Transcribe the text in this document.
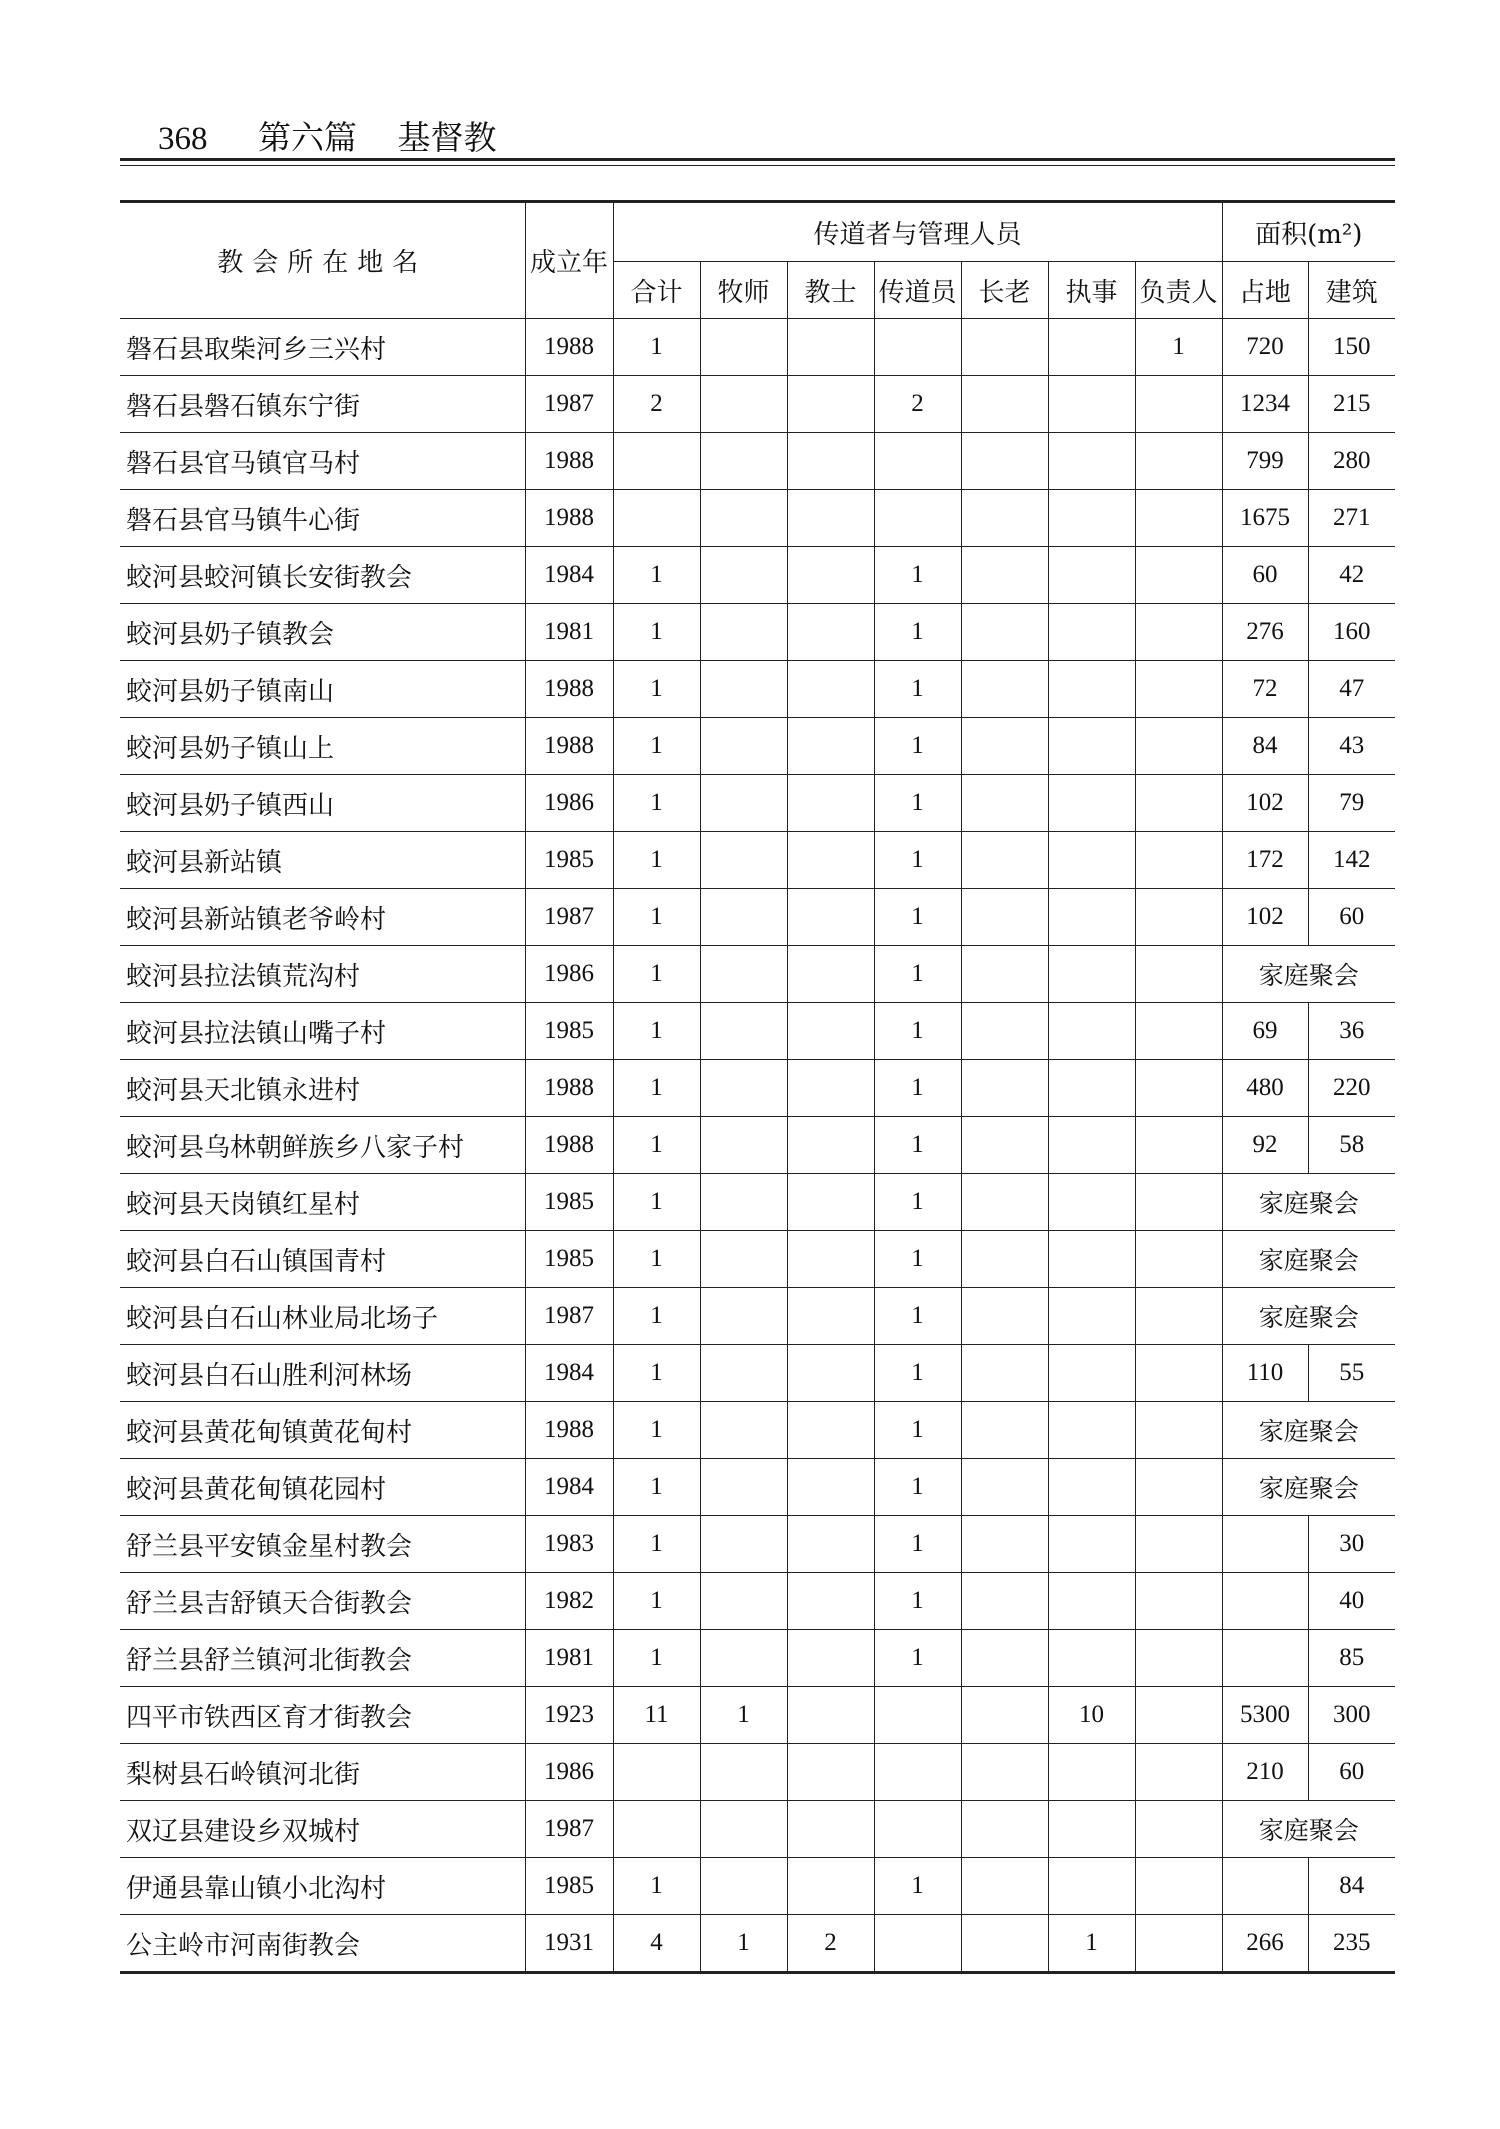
368 第六篇 基督教
教会所在地名	成立年	传道者与管理人员							面积(m²)	
		合计	牧师	教士	传道员	长老	执事	负责人	占地	建筑
磐石县取柴河乡三兴村	1988	1						1	720	150
磐石县磐石镇东宁街	1987	2			2				1234	215
磐石县官马镇官马村	1988								799	280
磐石县官马镇牛心街	1988								1675	271
蛟河县蛟河镇长安街教会	1984	1			1				60	42
蛟河县奶子镇教会	1981	1			1				276	160
蛟河县奶子镇南山	1988	1			1				72	47
蛟河县奶子镇山上	1988	1			1				84	43
蛟河县奶子镇西山	1986	1			1				102	79
蛟河县新站镇	1985	1			1				172	142
蛟河县新站镇老爷岭村	1987	1			1				102	60
蛟河县拉法镇荒沟村	1986	1			1				家庭聚会	
蛟河县拉法镇山嘴子村	1985	1			1				69	36
蛟河县天北镇永进村	1988	1			1				480	220
蛟河县乌林朝鲜族乡八家子村	1988	1			1				92	58
蛟河县天岗镇红星村	1985	1			1				家庭聚会	
蛟河县白石山镇国青村	1985	1			1				家庭聚会	
蛟河县白石山林业局北场子	1987	1			1				家庭聚会	
蛟河县白石山胜利河林场	1984	1			1				110	55
蛟河县黄花甸镇黄花甸村	1988	1			1				家庭聚会	
蛟河县黄花甸镇花园村	1984	1			1				家庭聚会	
舒兰县平安镇金星村教会	1983	1			1					30
舒兰县吉舒镇天合街教会	1982	1			1					40
舒兰县舒兰镇河北街教会	1981	1			1					85
四平市铁西区育才街教会	1923	11	1				10		5300	300
梨树县石岭镇河北街	1986								210	60
双辽县建设乡双城村	1987								家庭聚会	
伊通县靠山镇小北沟村	1985	1			1					84
公主岭市河南街教会	1931	4	1	2			1		266	235
